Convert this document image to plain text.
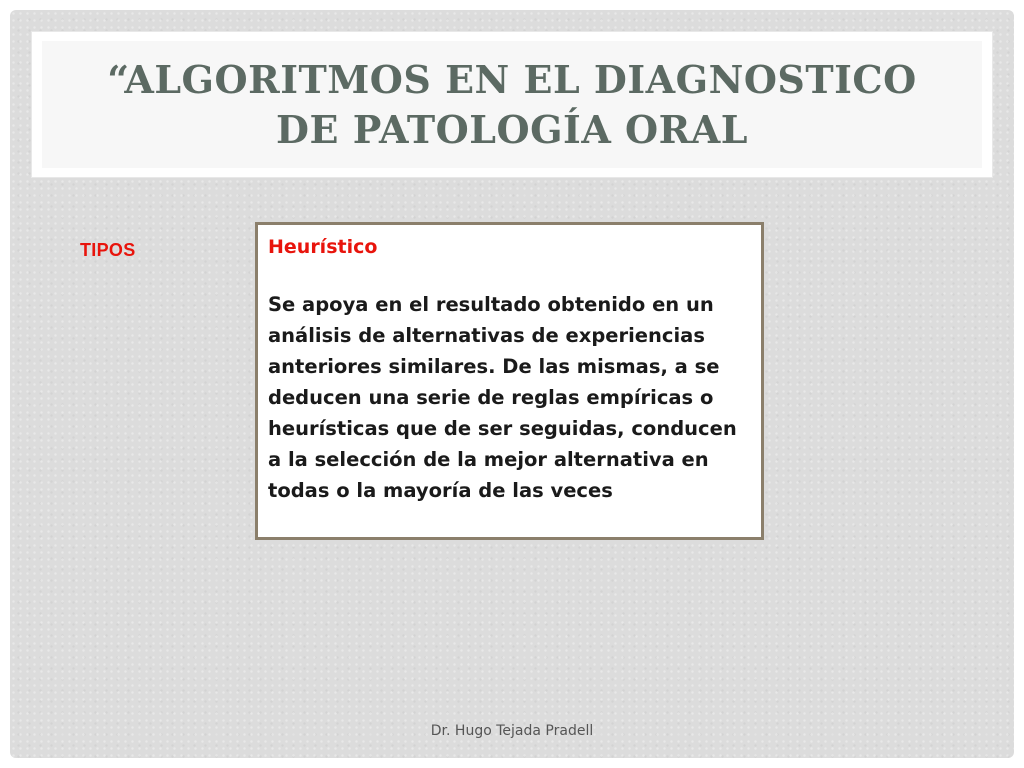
“ALGORITMOS EN EL DIAGNOSTICO
DE PATOLOGÍA ORAL
TIPOS	Heurístico

Se apoya en el resultado obtenido en un análisis de alternativas de experiencias anteriores similares. De las mismas, a se deducen una serie de reglas empíricas o heurísticas que de ser seguidas, conducen a la selección de la mejor alternativa en todas o la mayoría de las veces

Dr. Hugo Tejada Pradell
